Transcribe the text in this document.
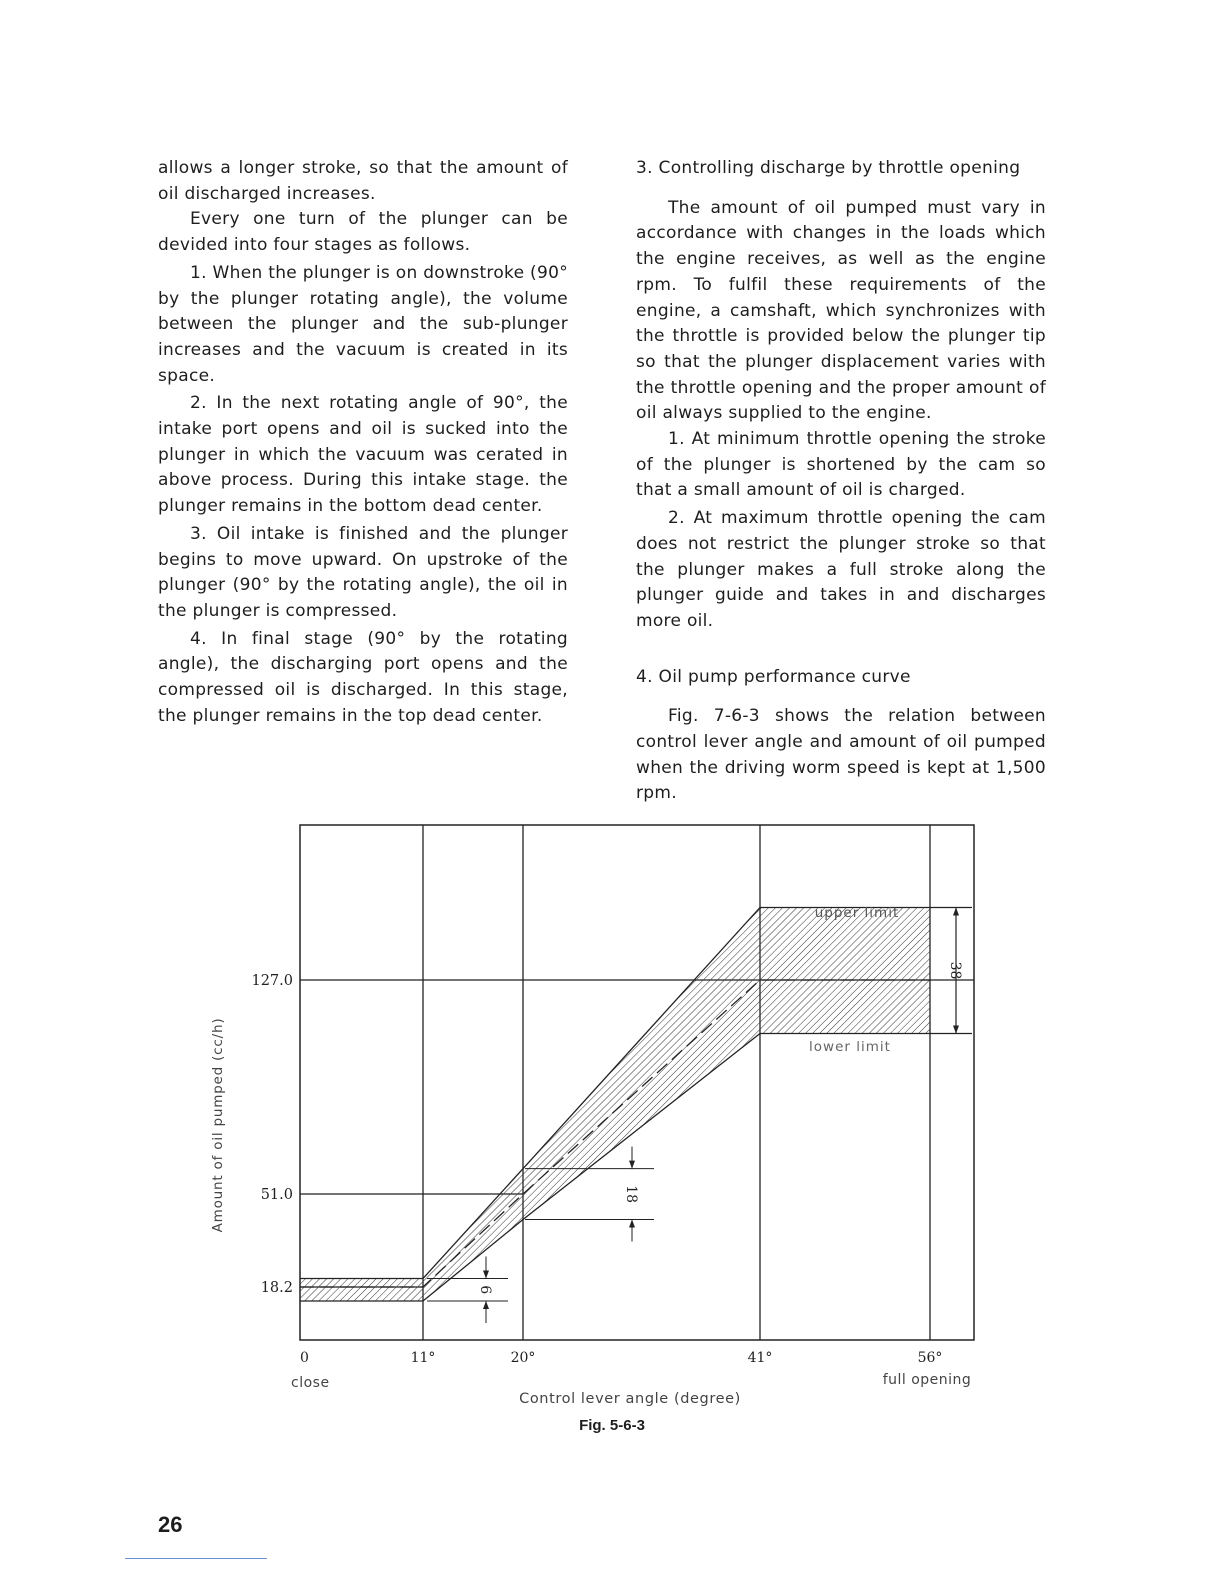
allows a longer stroke, so that the amount of oil discharged increases.

Every one turn of the plunger can be devided into four stages as follows.

1. When the plunger is on downstroke (90° by the plunger rotating angle), the volume between the plunger and the sub-plunger increases and the vacuum is created in its space.

2. In the next rotating angle of 90°, the intake port opens and oil is sucked into the plunger in which the vacuum was cerated in above process. During this intake stage. the plunger remains in the bottom dead center.

3. Oil intake is finished and the plunger begins to move upward. On upstroke of the plunger (90° by the rotating angle), the oil in the plunger is compressed.

4. In final stage (90° by the rotating angle), the discharging port opens and the compressed oil is discharged. In this stage, the plunger remains in the top dead center.

3. Controlling discharge by throttle opening

The amount of oil pumped must vary in accordance with changes in the loads which the engine receives, as well as the engine rpm. To fulfil these requirements of the engine, a camshaft, which synchronizes with the throttle is provided below the plunger tip so that the plunger displacement varies with the throttle opening and the proper amount of oil always supplied to the engine.

1. At minimum throttle opening the stroke of the plunger is shortened by the cam so that a small amount of oil is charged.

2. At maximum throttle opening the cam does not restrict the plunger stroke so that the plunger makes a full stroke along the plunger guide and takes in and discharges more oil.

4. Oil pump performance curve

Fig. 7-6-3 shows the relation between control lever angle and amount of oil pumped when the driving worm speed is kept at 1,500 rpm.

6
18
38
18.2
51.0
127.0
0
close
11°	20°	41°	56°
full opening
Amount of oil pumped (cc/h)
Control lever angle (degree)
upper limit
lower limit
Fig. 5-6-3
26
